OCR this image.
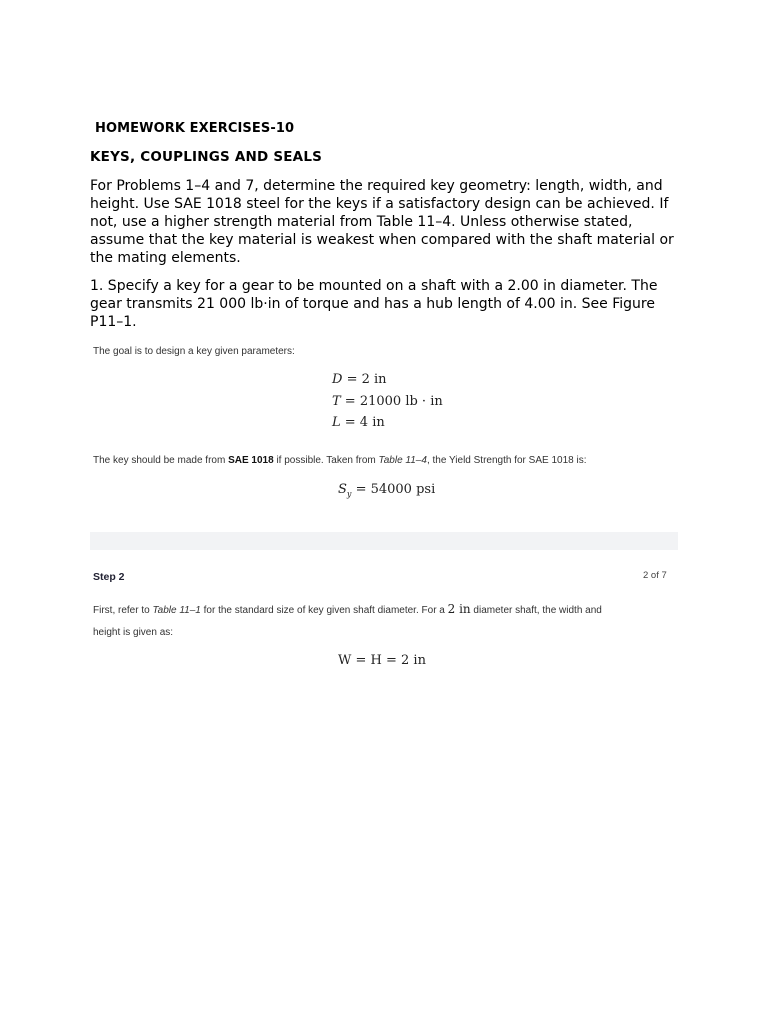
HOMEWORK EXERCISES-10
KEYS, COUPLINGS AND SEALS
For Problems 1–4 and 7, determine the required key geometry: length, width, and height. Use SAE 1018 steel for the keys if a satisfactory design can be achieved. If not, use a higher strength material from Table 11–4. Unless otherwise stated, assume that the key material is weakest when compared with the shaft material or the mating elements.
1. Specify a key for a gear to be mounted on a shaft with a 2.00 in diameter. The gear transmits 21 000 lb·in of torque and has a hub length of 4.00 in. See Figure P11–1.
The goal is to design a key given parameters:
D = 2 in
T = 21000 lb · in
L = 4 in
The key should be made from SAE 1018 if possible. Taken from Table 11–4, the Yield Strength for SAE 1018 is:
$S_y = 54000$ psi
Step 2	2 of 7
First, refer to Table 11–1 for the standard size of key given shaft diameter. For a 2 in diameter shaft, the width and
height is given as:
W = H = 2 in
